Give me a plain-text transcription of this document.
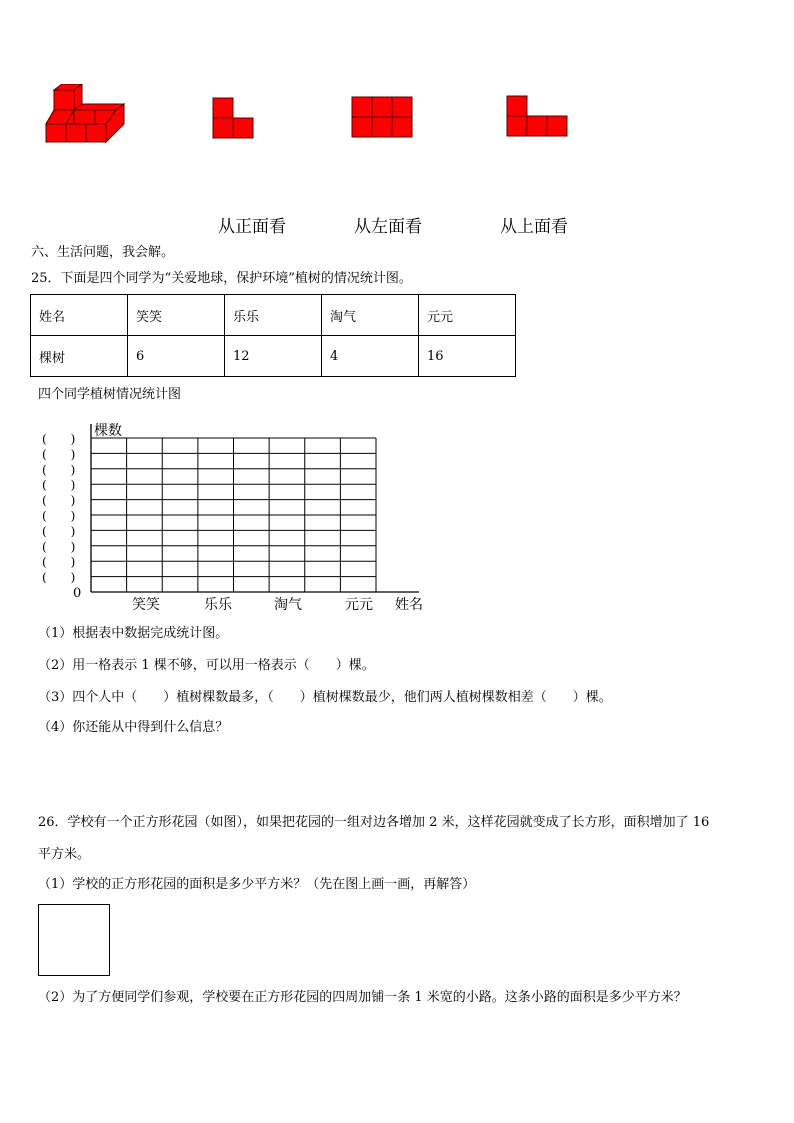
从正面看	从左面看	从上面看
六、生活问题，我会解。
25．下面是四个同学为“关爱地球，保护环境”植树的情况统计图。
姓名	笑笑	乐乐	淘气	元元
棵树	6	12	4	16
四个同学植树情况统计图
棵数
0
(　　)
(　　)
(　　)
(　　)
(　　)
(　　)
(　　)
(　　)
(　　)
(　　)
笑笑	乐乐	淘气	元元 姓名
（1）根据表中数据完成统计图。
（2）用一格表示 1 棵不够，可以用一格表示（　　）棵。
（3）四个人中（　　）植树棵数最多，（　　）植树棵数最少，他们两人植树棵数相差（　　）棵。
（4）你还能从中得到什么信息？
26．学校有一个正方形花园（如图），如果把花园的一组对边各增加 2 米，这样花园就变成了长方形，面积增加了 16
平方米。
（1）学校的正方形花园的面积是多少平方米？（先在图上画一画，再解答）
（2）为了方便同学们参观，学校要在正方形花园的四周加铺一条 1 米宽的小路。这条小路的面积是多少平方米？
